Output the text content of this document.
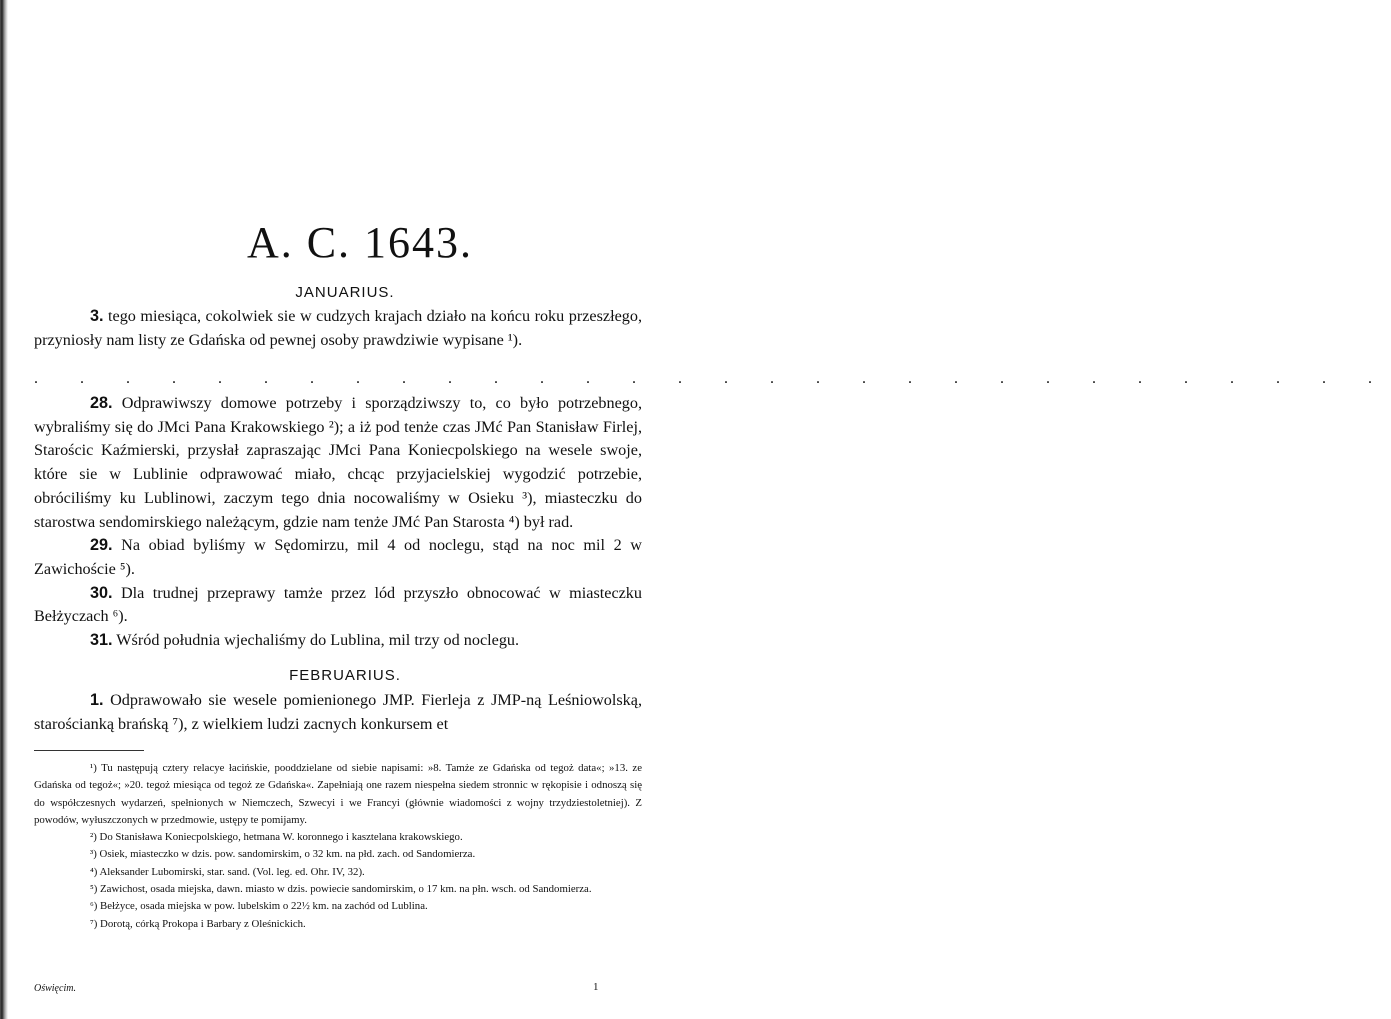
A. C. 1643.
JANUARIUS.

3. tego miesiąca, cokolwiek sie w cudzych krajach działo na końcu roku przeszłego, przyniosły nam listy ze Gdańska od pewnej osoby prawdziwie wypisane ¹).

. . . . . . . . . . . . . . . . . . . . . . . . . . . . . .

28. Odprawiwszy domowe potrzeby i sporządziwszy to, co było potrzebnego, wybraliśmy się do JMci Pana Krakowskiego ²); a iż pod tenże czas JMć Pan Stanisław Firlej, Starościc Kaźmierski, przysłał zapraszając JMci Pana Koniecpolskiego na wesele swoje, które sie w Lublinie odprawować miało, chcąc przyjacielskiej wygodzić potrzebie, obróciliśmy ku Lublinowi, zaczym tego dnia nocowaliśmy w Osieku ³), miasteczku do starostwa sendomirskiego należącym, gdzie nam tenże JMć Pan Starosta ⁴) był rad.

29. Na obiad byliśmy w Sędomirzu, mil 4 od noclegu, stąd na noc mil 2 w Zawichoście ⁵).

30. Dla trudnej przeprawy tamże przez lód przyszło obnocować w miasteczku Bełżyczach ⁶).

31. Wśród południa wjechaliśmy do Lublina, mil trzy od noclegu.

FEBRUARIUS.

1. Odprawowało sie wesele pomienionego JMP. Fierleja z JMP-ną Leśniowolską, starościanką brańską ⁷), z wielkiem ludzi zacnych konkursem et

¹) Tu następują cztery relacye łacińskie, pooddzielane od siebie napisami: »8. Tamże ze Gdańska od tegoż data«; »13. ze Gdańska od tegoż«; »20. tegoż miesiąca od tegoż ze Gdańska«. Zapełniają one razem niespełna siedem stronnic w rękopisie i odnoszą się do współczesnych wydarzeń, spełnionych w Niemczech, Szwecyi i we Francyi (głównie wiadomości z wojny trzydziestoletniej). Z powodów, wyłuszczonych w przedmowie, ustępy te pomijamy.

²) Do Stanisława Koniecpolskiego, hetmana W. koronnego i kasztelana krakowskiego.

³) Osiek, miasteczko w dzis. pow. sandomirskim, o 32 km. na płd. zach. od Sandomierza.

⁴) Aleksander Lubomirski, star. sand. (Vol. leg. ed. Ohr. IV, 32).

⁵) Zawichost, osada miejska, dawn. miasto w dzis. powiecie sandomirskim, o 17 km. na płn. wsch. od Sandomierza.

⁶) Bełżyce, osada miejska w pow. lubelskim o 22½ km. na zachód od Lublina.

⁷) Dorotą, córką Prokopa i Barbary z Oleśnickich.

Oświęcim.	1
